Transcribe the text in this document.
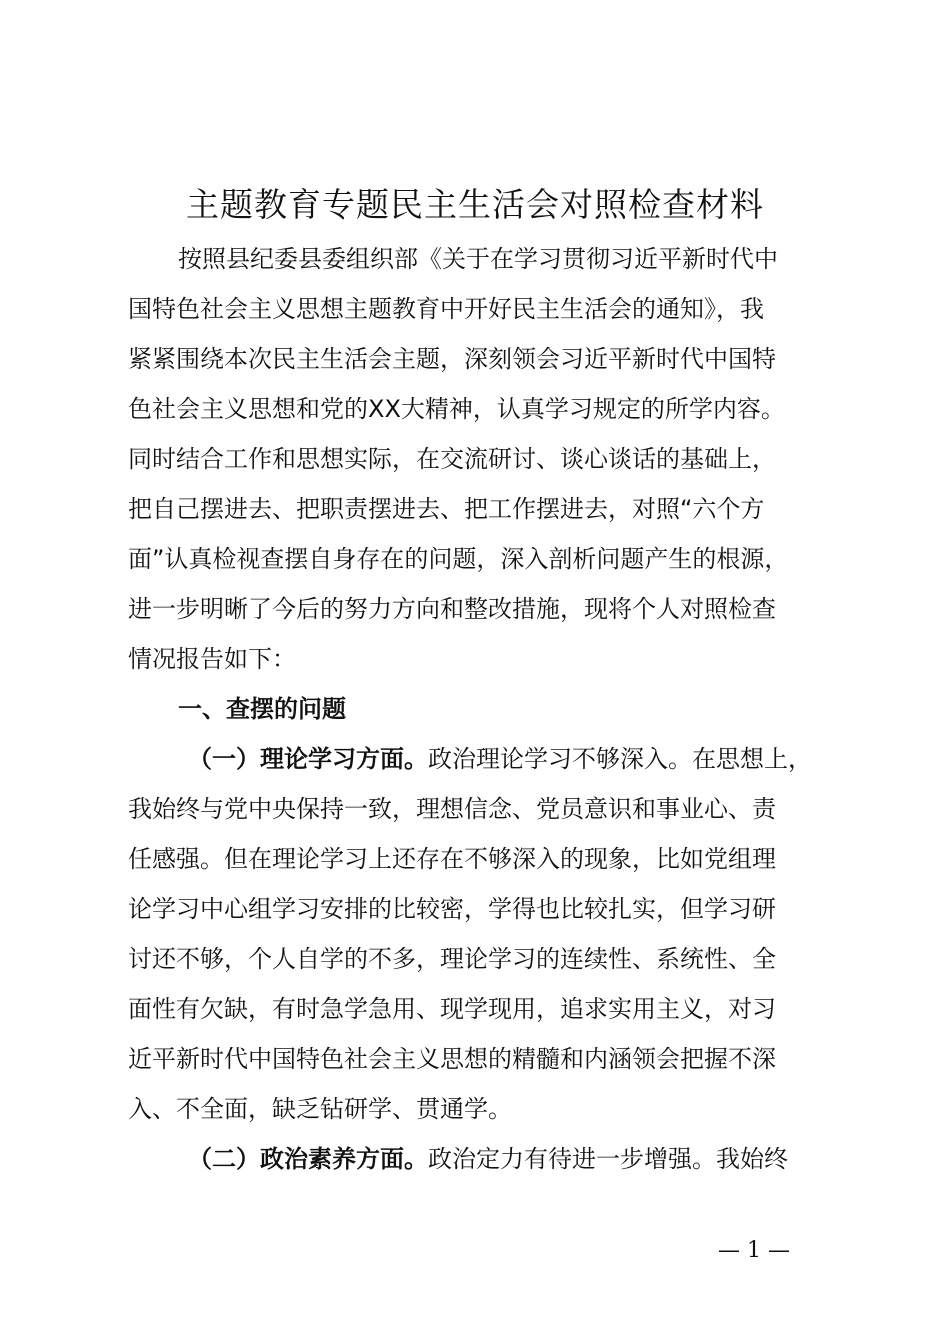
主题教育专题民主生活会对照检查材料
按照县纪委县委组织部《关于在学习贯彻习近平新时代中
国特色社会主义思想主题教育中开好民主生活会的通知》，我
紧紧围绕本次民主生活会主题，深刻领会习近平新时代中国特
色社会主义思想和党的XX大精神，认真学习规定的所学内容。
同时结合工作和思想实际，在交流研讨、谈心谈话的基础上，
把自己摆进去、把职责摆进去、把工作摆进去，对照“六个方
面”认真检视查摆自身存在的问题，深入剖析问题产生的根源，
进一步明晰了今后的努力方向和整改措施，现将个人对照检查
情况报告如下：
一、查摆的问题
（一）理论学习方面。政治理论学习不够深入。在思想上，
我始终与党中央保持一致，理想信念、党员意识和事业心、责
任感强。但在理论学习上还存在不够深入的现象，比如党组理
论学习中心组学习安排的比较密，学得也比较扎实，但学习研
讨还不够，个人自学的不多，理论学习的连续性、系统性、全
面性有欠缺，有时急学急用、现学现用，追求实用主义，对习
近平新时代中国特色社会主义思想的精髓和内涵领会把握不深
入、不全面，缺乏钻研学、贯通学。
（二）政治素养方面。政治定力有待进一步增强。我始终
— 1 —
